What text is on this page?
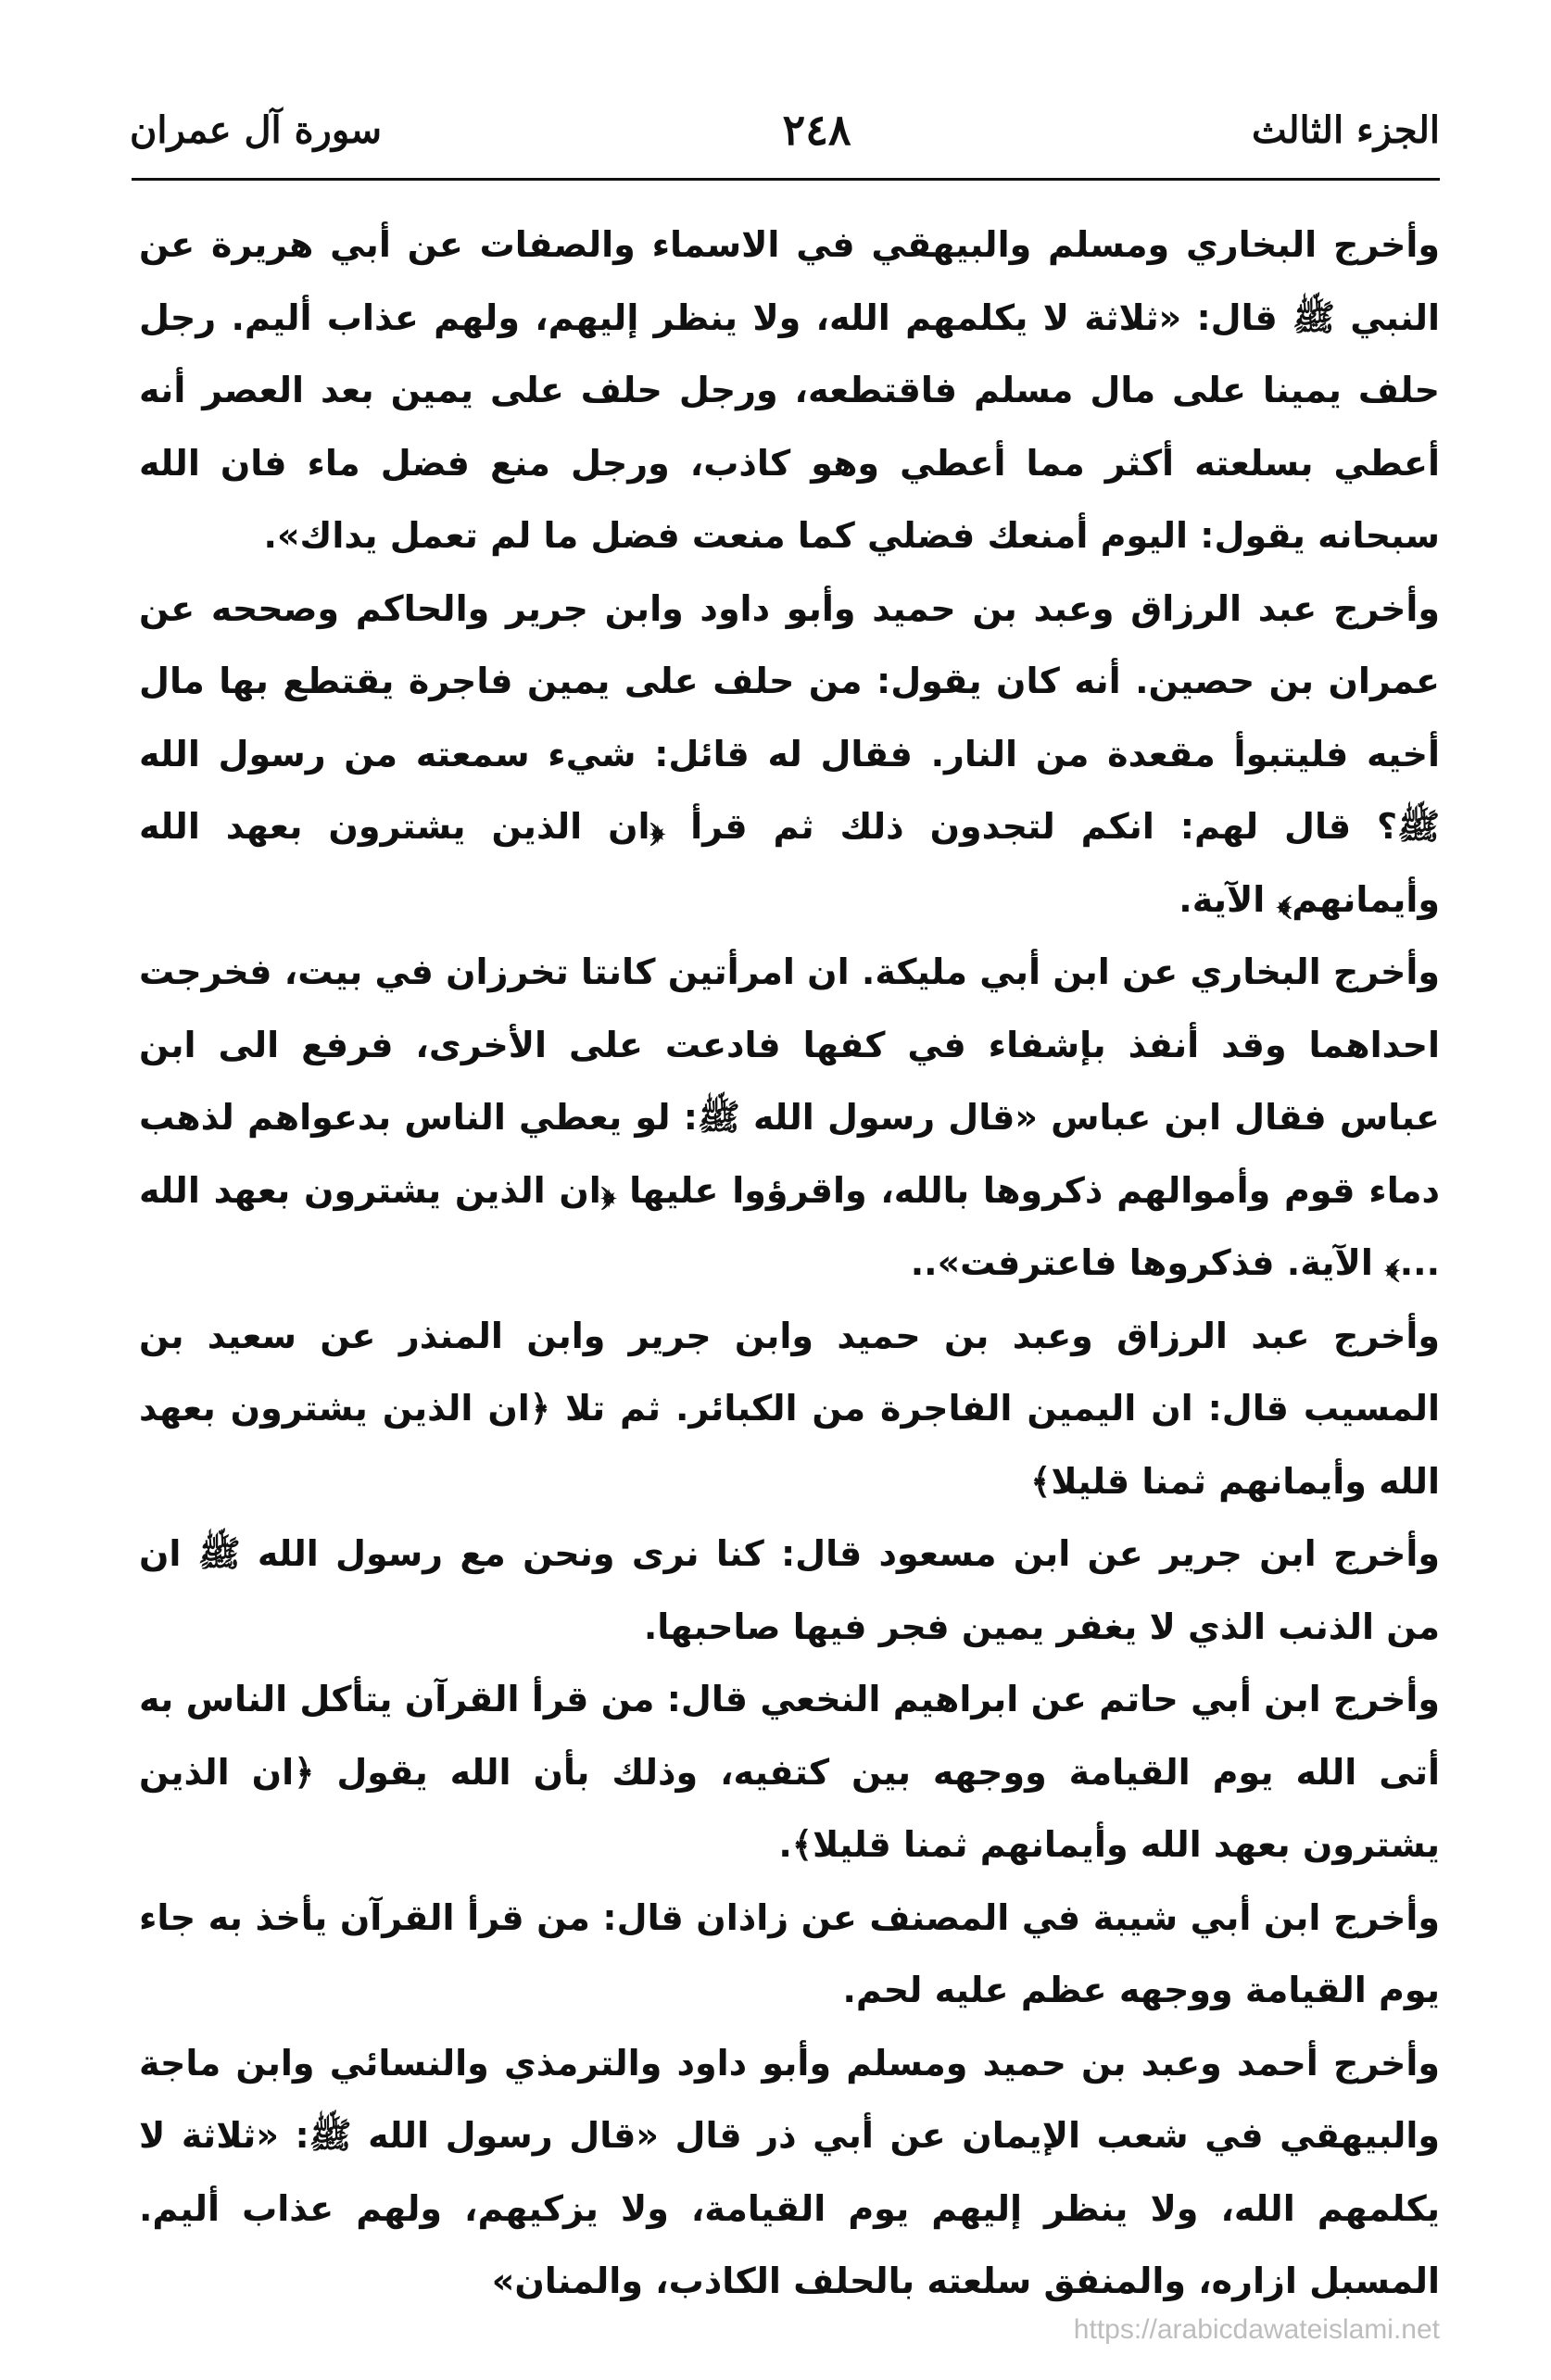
الجزء الثالث
٢٤٨
سورة آل عمران

وأخرج البخاري ومسلم والبيهقي في الاسماء والصفات عن أبي هريرة عن النبي ﷺ قال: «ثلاثة لا يكلمهم الله، ولا ينظر إليهم، ولهم عذاب أليم. رجل حلف يمينا على مال مسلم فاقتطعه، ورجل حلف على يمين بعد العصر أنه أعطي بسلعته أكثر مما أعطي وهو كاذب، ورجل منع فضل ماء فان الله سبحانه يقول: اليوم أمنعك فضلي كما منعت فضل ما لم تعمل يداك».

وأخرج عبد الرزاق وعبد بن حميد وأبو داود وابن جرير والحاكم وصححه عن عمران بن حصين. أنه كان يقول: من حلف على يمين فاجرة يقتطع بها مال أخيه فليتبوأ مقعدة من النار. فقال له قائل: شيء سمعته من رسول الله ﷺ؟ قال لهم: انكم لتجدون ذلك ثم قرأ ﴿ان الذين يشترون بعهد الله وأيمانهم﴾ الآية.

وأخرج البخاري عن ابن أبي مليكة. ان امرأتين كانتا تخرزان في بيت، فخرجت احداهما وقد أنفذ بإشفاء في كفها فادعت على الأخرى، فرفع الى ابن عباس فقال ابن عباس «قال رسول الله ﷺ: لو يعطي الناس بدعواهم لذهب دماء قوم وأموالهم ذكروها بالله، واقرؤوا عليها ﴿ان الذين يشترون بعهد الله ...﴾ الآية. فذكروها فاعترفت»..

وأخرج عبد الرزاق وعبد بن حميد وابن جرير وابن المنذر عن سعيد بن المسيب قال: ان اليمين الفاجرة من الكبائر. ثم تلا ﴿ان الذين يشترون بعهد الله وأيمانهم ثمنا قليلا﴾

وأخرج ابن جرير عن ابن مسعود قال: كنا نرى ونحن مع رسول الله ﷺ ان من الذنب الذي لا يغفر يمين فجر فيها صاحبها.

وأخرج ابن أبي حاتم عن ابراهيم النخعي قال: من قرأ القرآن يتأكل الناس به أتى الله يوم القيامة ووجهه بين كتفيه، وذلك بأن الله يقول ﴿ان الذين يشترون بعهد الله وأيمانهم ثمنا قليلا﴾.

وأخرج ابن أبي شيبة في المصنف عن زاذان قال: من قرأ القرآن يأخذ به جاء يوم القيامة ووجهه عظم عليه لحم.

وأخرج أحمد وعبد بن حميد ومسلم وأبو داود والترمذي والنسائي وابن ماجة والبيهقي في شعب الإيمان عن أبي ذر قال «قال رسول الله ﷺ: «ثلاثة لا يكلمهم الله، ولا ينظر إليهم يوم القيامة، ولا يزكيهم، ولهم عذاب أليم. المسبل ازاره، والمنفق سلعته بالحلف الكاذب، والمنان»

https://arabicdawateislami.net
